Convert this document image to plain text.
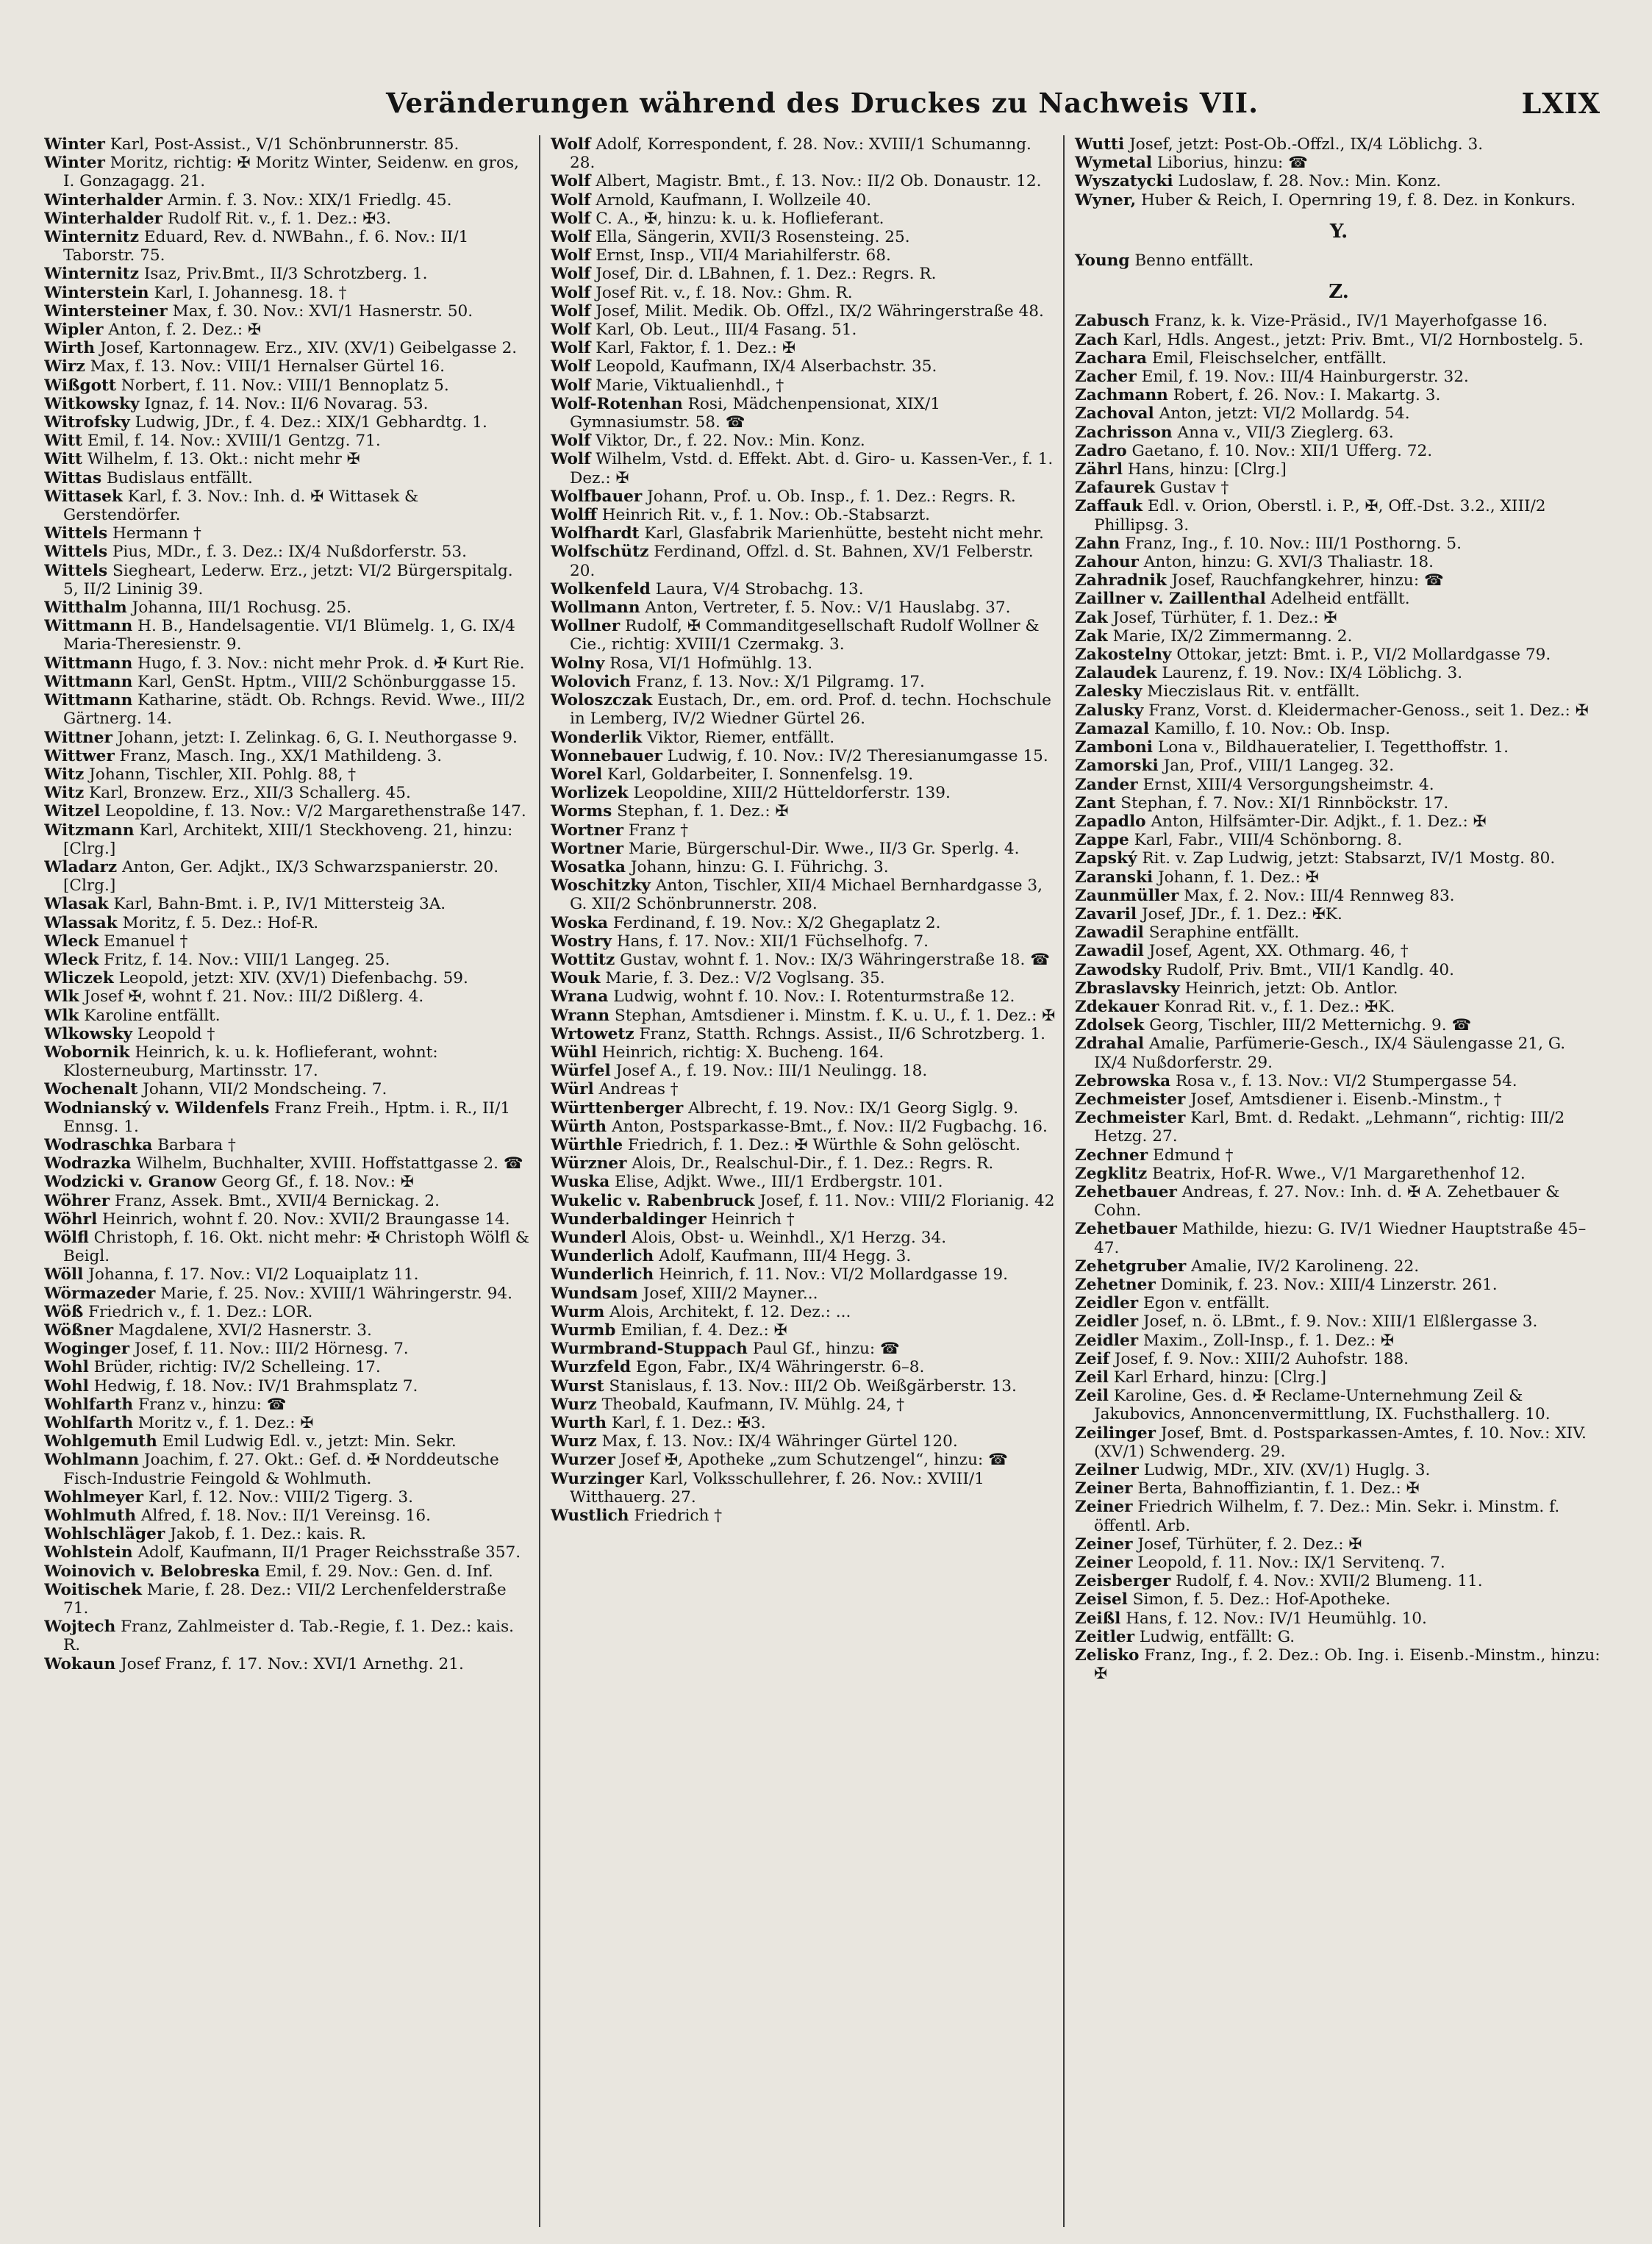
Veränderungen während des Druckes zu Nachweis VII.	LXIX

Winter Karl, Post-Assist., V/1 Schönbrunnerstr. 85.

Winter Moritz, richtig: ✠ Moritz Winter, Seidenw. en gros, I. Gonzagagg. 21.

Winterhalder Armin. f. 3. Nov.: XIX/1 Friedlg. 45.

Winterhalder Rudolf Rit. v., f. 1. Dez.: ✠3.

Winternitz Eduard, Rev. d. NWBahn., f. 6. Nov.: II/1 Taborstr. 75.

Winternitz Isaz, Priv.Bmt., II/3 Schrotzberg. 1.

Winterstein Karl, I. Johannesg. 18. †

Wintersteiner Max, f. 30. Nov.: XVI/1 Hasnerstr. 50.

Wipler Anton, f. 2. Dez.: ✠

Wirth Josef, Kartonnagew. Erz., XIV. (XV/1) Geibelgasse 2.

Wirz Max, f. 13. Nov.: VIII/1 Hernalser Gürtel 16.

Wißgott Norbert, f. 11. Nov.: VIII/1 Bennoplatz 5.

Witkowsky Ignaz, f. 14. Nov.: II/6 Novarag. 53.

Witrofsky Ludwig, JDr., f. 4. Dez.: XIX/1 Gebhardtg. 1.

Witt Emil, f. 14. Nov.: XVIII/1 Gentzg. 71.

Witt Wilhelm, f. 13. Okt.: nicht mehr ✠

Wittas Budislaus entfällt.

Wittasek Karl, f. 3. Nov.: Inh. d. ✠ Wittasek & Gerstendörfer.

Wittels Hermann †

Wittels Pius, MDr., f. 3. Dez.: IX/4 Nußdorferstr. 53.

Wittels Siegheart, Lederw. Erz., jetzt: VI/2 Bürgerspitalg. 5, II/2 Lininig 39.

Witthalm Johanna, III/1 Rochusg. 25.

Wittmann H. B., Handelsagentie. VI/1 Blümelg. 1, G. IX/4 Maria-Theresienstr. 9.

Wittmann Hugo, f. 3. Nov.: nicht mehr Prok. d. ✠ Kurt Rie.

Wittmann Karl, GenSt. Hptm., VIII/2 Schönburggasse 15.

Wittmann Katharine, städt. Ob. Rchngs. Revid. Wwe., III/2 Gärtnerg. 14.

Wittner Johann, jetzt: I. Zelinkag. 6, G. I. Neuthorgasse 9.

Wittwer Franz, Masch. Ing., XX/1 Mathildeng. 3.

Witz Johann, Tischler, XII. Pohlg. 88, †

Witz Karl, Bronzew. Erz., XII/3 Schallerg. 45.

Witzel Leopoldine, f. 13. Nov.: V/2 Margarethenstraße 147.

Witzmann Karl, Architekt, XIII/1 Steckhoveng. 21, hinzu: [Clrg.]

Wladarz Anton, Ger. Adjkt., IX/3 Schwarzspanierstr. 20. [Clrg.]

Wlasak Karl, Bahn-Bmt. i. P., IV/1 Mittersteig 3A.

Wlassak Moritz, f. 5. Dez.: Hof-R.

Wleck Emanuel †

Wleck Fritz, f. 14. Nov.: VIII/1 Langeg. 25.

Wliczek Leopold, jetzt: XIV. (XV/1) Diefenbachg. 59.

Wlk Josef ✠, wohnt f. 21. Nov.: III/2 Dißlerg. 4.

Wlk Karoline entfällt.

Wlkowsky Leopold †

Wobornik Heinrich, k. u. k. Hoflieferant, wohnt: Klosterneuburg, Martinsstr. 17.

Wochenalt Johann, VII/2 Mondscheing. 7.

Wodnianský v. Wildenfels Franz Freih., Hptm. i. R., II/1 Ennsg. 1.

Wodraschka Barbara †

Wodrazka Wilhelm, Buchhalter, XVIII. Hoffstattgasse 2. ☎

Wodzicki v. Granow Georg Gf., f. 18. Nov.: ✠

Wöhrer Franz, Assek. Bmt., XVII/4 Bernickag. 2.

Wöhrl Heinrich, wohnt f. 20. Nov.: XVII/2 Braungasse 14.

Wölfl Christoph, f. 16. Okt. nicht mehr: ✠ Christoph Wölfl & Beigl.

Wöll Johanna, f. 17. Nov.: VI/2 Loquaiplatz 11.

Wörmazeder Marie, f. 25. Nov.: XVIII/1 Währingerstr. 94.

Wöß Friedrich v., f. 1. Dez.: LOR.

Wößner Magdalene, XVI/2 Hasnerstr. 3.

Woginger Josef, f. 11. Nov.: III/2 Hörnesg. 7.

Wohl Brüder, richtig: IV/2 Schelleing. 17.

Wohl Hedwig, f. 18. Nov.: IV/1 Brahmsplatz 7.

Wohlfarth Franz v., hinzu: ☎

Wohlfarth Moritz v., f. 1. Dez.: ✠

Wohlgemuth Emil Ludwig Edl. v., jetzt: Min. Sekr.

Wohlmann Joachim, f. 27. Okt.: Gef. d. ✠ Norddeutsche Fisch-Industrie Feingold & Wohlmuth.

Wohlmeyer Karl, f. 12. Nov.: VIII/2 Tigerg. 3.

Wohlmuth Alfred, f. 18. Nov.: II/1 Vereinsg. 16.

Wohlschläger Jakob, f. 1. Dez.: kais. R.

Wohlstein Adolf, Kaufmann, II/1 Prager Reichsstraße 357.

Woinovich v. Belobreska Emil, f. 29. Nov.: Gen. d. Inf.

Woitischek Marie, f. 28. Dez.: VII/2 Lerchenfelderstraße 71.

Wojtech Franz, Zahlmeister d. Tab.-Regie, f. 1. Dez.: kais. R.

Wokaun Josef Franz, f. 17. Nov.: XVI/1 Arnethg. 21.

Wolf Adolf, Korrespondent, f. 28. Nov.: XVIII/1 Schumanng. 28.

Wolf Albert, Magistr. Bmt., f. 13. Nov.: II/2 Ob. Donaustr. 12.

Wolf Arnold, Kaufmann, I. Wollzeile 40.

Wolf C. A., ✠, hinzu: k. u. k. Hoflieferant.

Wolf Ella, Sängerin, XVII/3 Rosensteing. 25.

Wolf Ernst, Insp., VII/4 Mariahilferstr. 68.

Wolf Josef, Dir. d. LBahnen, f. 1. Dez.: Regrs. R.

Wolf Josef Rit. v., f. 18. Nov.: Ghm. R.

Wolf Josef, Milit. Medik. Ob. Offzl., IX/2 Währingerstraße 48.

Wolf Karl, Ob. Leut., III/4 Fasang. 51.

Wolf Karl, Faktor, f. 1. Dez.: ✠

Wolf Leopold, Kaufmann, IX/4 Alserbachstr. 35.

Wolf Marie, Viktualienhdl., †

Wolf-Rotenhan Rosi, Mädchenpensionat, XIX/1 Gymnasiumstr. 58. ☎

Wolf Viktor, Dr., f. 22. Nov.: Min. Konz.

Wolf Wilhelm, Vstd. d. Effekt. Abt. d. Giro- u. Kassen-Ver., f. 1. Dez.: ✠

Wolfbauer Johann, Prof. u. Ob. Insp., f. 1. Dez.: Regrs. R.

Wolff Heinrich Rit. v., f. 1. Nov.: Ob.-Stabsarzt.

Wolfhardt Karl, Glasfabrik Marienhütte, besteht nicht mehr.

Wolfschütz Ferdinand, Offzl. d. St. Bahnen, XV/1 Felberstr. 20.

Wolkenfeld Laura, V/4 Strobachg. 13.

Wollmann Anton, Vertreter, f. 5. Nov.: V/1 Hauslabg. 37.

Wollner Rudolf, ✠ Commanditgesellschaft Rudolf Wollner & Cie., richtig: XVIII/1 Czermakg. 3.

Wolny Rosa, VI/1 Hofmühlg. 13.

Wolovich Franz, f. 13. Nov.: X/1 Pilgramg. 17.

Woloszczak Eustach, Dr., em. ord. Prof. d. techn. Hochschule in Lemberg, IV/2 Wiedner Gürtel 26.

Wonderlik Viktor, Riemer, entfällt.

Wonnebauer Ludwig, f. 10. Nov.: IV/2 Theresianumgasse 15.

Worel Karl, Goldarbeiter, I. Sonnenfelsg. 19.

Worlizek Leopoldine, XIII/2 Hütteldorferstr. 139.

Worms Stephan, f. 1. Dez.: ✠

Wortner Franz †

Wortner Marie, Bürgerschul-Dir. Wwe., II/3 Gr. Sperlg. 4.

Wosatka Johann, hinzu: G. I. Führichg. 3.

Woschitzky Anton, Tischler, XII/4 Michael Bernhardgasse 3, G. XII/2 Schönbrunnerstr. 208.

Woska Ferdinand, f. 19. Nov.: X/2 Ghegaplatz 2.

Wostry Hans, f. 17. Nov.: XII/1 Füchselhofg. 7.

Wottitz Gustav, wohnt f. 1. Nov.: IX/3 Währingerstraße 18. ☎

Wouk Marie, f. 3. Dez.: V/2 Voglsang. 35.

Wrana Ludwig, wohnt f. 10. Nov.: I. Rotenturmstraße 12.

Wrann Stephan, Amtsdiener i. Minstm. f. K. u. U., f. 1. Dez.: ✠

Wrtowetz Franz, Statth. Rchngs. Assist., II/6 Schrotzberg. 1.

Wühl Heinrich, richtig: X. Bucheng. 164.

Würfel Josef A., f. 19. Nov.: III/1 Neulingg. 18.

Würl Andreas †

Württenberger Albrecht, f. 19. Nov.: IX/1 Georg Siglg. 9.

Würth Anton, Postsparkasse-Bmt., f. Nov.: II/2 Fugbachg. 16.

Würthle Friedrich, f. 1. Dez.: ✠ Würthle & Sohn gelöscht.

Würzner Alois, Dr., Realschul-Dir., f. 1. Dez.: Regrs. R.

Wuska Elise, Adjkt. Wwe., III/1 Erdbergstr. 101.

Wukelic v. Rabenbruck Josef, f. 11. Nov.: VIII/2 Florianig. 42

Wunderbaldinger Heinrich †

Wunderl Alois, Obst- u. Weinhdl., X/1 Herzg. 34.

Wunderlich Adolf, Kaufmann, III/4 Hegg. 3.

Wunderlich Heinrich, f. 11. Nov.: VI/2 Mollardgasse 19.

Wundsam Josef, XIII/2 Mayner...

Wurm Alois, Architekt, f. 12. Dez.: ...

Wurmb Emilian, f. 4. Dez.: ✠

Wurmbrand-Stuppach Paul Gf., hinzu: ☎

Wurzfeld Egon, Fabr., IX/4 Währingerstr. 6–8.

Wurst Stanislaus, f. 13. Nov.: III/2 Ob. Weißgärberstr. 13.

Wurz Theobald, Kaufmann, IV. Mühlg. 24, †

Wurth Karl, f. 1. Dez.: ✠3.

Wurz Max, f. 13. Nov.: IX/4 Währinger Gürtel 120.

Wurzer Josef ✠, Apotheke „zum Schutzengel“, hinzu: ☎

Wurzinger Karl, Volksschullehrer, f. 26. Nov.: XVIII/1 Witthauerg. 27.

Wustlich Friedrich †

Wutti Josef, jetzt: Post-Ob.-Offzl., IX/4 Löblichg. 3.

Wymetal Liborius, hinzu: ☎

Wyszatycki Ludoslaw, f. 28. Nov.: Min. Konz.

Wyner, Huber & Reich, I. Opernring 19, f. 8. Dez. in Konkurs.

Y.

Young Benno entfällt.

Z.

Zabusch Franz, k. k. Vize-Präsid., IV/1 Mayerhofgasse 16.

Zach Karl, Hdls. Angest., jetzt: Priv. Bmt., VI/2 Hornbostelg. 5.

Zachara Emil, Fleischselcher, entfällt.

Zacher Emil, f. 19. Nov.: III/4 Hainburgerstr. 32.

Zachmann Robert, f. 26. Nov.: I. Makartg. 3.

Zachoval Anton, jetzt: VI/2 Mollardg. 54.

Zachrisson Anna v., VII/3 Zieglerg. 63.

Zadro Gaetano, f. 10. Nov.: XII/1 Ufferg. 72.

Zährl Hans, hinzu: [Clrg.]

Zafaurek Gustav †

Zaffauk Edl. v. Orion, Oberstl. i. P., ✠, Off.-Dst. 3.2., XIII/2 Phillipsg. 3.

Zahn Franz, Ing., f. 10. Nov.: III/1 Posthorng. 5.

Zahour Anton, hinzu: G. XVI/3 Thaliastr. 18.

Zahradnik Josef, Rauchfangkehrer, hinzu: ☎

Zaillner v. Zaillenthal Adelheid entfällt.

Zak Josef, Türhüter, f. 1. Dez.: ✠

Zak Marie, IX/2 Zimmermanng. 2.

Zakostelny Ottokar, jetzt: Bmt. i. P., VI/2 Mollardgasse 79.

Zalaudek Laurenz, f. 19. Nov.: IX/4 Löblichg. 3.

Zalesky Mieczislaus Rit. v. entfällt.

Zalusky Franz, Vorst. d. Kleidermacher-Genoss., seit 1. Dez.: ✠

Zamazal Kamillo, f. 10. Nov.: Ob. Insp.

Zamboni Lona v., Bildhaueratelier, I. Tegetthoffstr. 1.

Zamorski Jan, Prof., VIII/1 Langeg. 32.

Zander Ernst, XIII/4 Versorgungsheimstr. 4.

Zant Stephan, f. 7. Nov.: XI/1 Rinnböckstr. 17.

Zapadlo Anton, Hilfsämter-Dir. Adjkt., f. 1. Dez.: ✠

Zappe Karl, Fabr., VIII/4 Schönborng. 8.

Zapský Rit. v. Zap Ludwig, jetzt: Stabsarzt, IV/1 Mostg. 80.

Zaranski Johann, f. 1. Dez.: ✠

Zaunmüller Max, f. 2. Nov.: III/4 Rennweg 83.

Zavaril Josef, JDr., f. 1. Dez.: ✠K.

Zawadil Seraphine entfällt.

Zawadil Josef, Agent, XX. Othmarg. 46, †

Zawodsky Rudolf, Priv. Bmt., VII/1 Kandlg. 40.

Zbraslavsky Heinrich, jetzt: Ob. Antlor.

Zdekauer Konrad Rit. v., f. 1. Dez.: ✠K.

Zdolsek Georg, Tischler, III/2 Metternichg. 9. ☎

Zdrahal Amalie, Parfümerie-Gesch., IX/4 Säulengasse 21, G. IX/4 Nußdorferstr. 29.

Zebrowska Rosa v., f. 13. Nov.: VI/2 Stumpergasse 54.

Zechmeister Josef, Amtsdiener i. Eisenb.-Minstm., †

Zechmeister Karl, Bmt. d. Redakt. „Lehmann“, richtig: III/2 Hetzg. 27.

Zechner Edmund †

Zegklitz Beatrix, Hof-R. Wwe., V/1 Margarethenhof 12.

Zehetbauer Andreas, f. 27. Nov.: Inh. d. ✠ A. Zehetbauer & Cohn.

Zehetbauer Mathilde, hiezu: G. IV/1 Wiedner Hauptstraße 45–47.

Zehetgruber Amalie, IV/2 Karolineng. 22.

Zehetner Dominik, f. 23. Nov.: XIII/4 Linzerstr. 261.

Zeidler Egon v. entfällt.

Zeidler Josef, n. ö. LBmt., f. 9. Nov.: XIII/1 Elßlergasse 3.

Zeidler Maxim., Zoll-Insp., f. 1. Dez.: ✠

Zeif Josef, f. 9. Nov.: XIII/2 Auhofstr. 188.

Zeil Karl Erhard, hinzu: [Clrg.]

Zeil Karoline, Ges. d. ✠ Reclame-Unternehmung Zeil & Jakubovics, Annoncenvermittlung, IX. Fuchsthallerg. 10.

Zeilinger Josef, Bmt. d. Postsparkassen-Amtes, f. 10. Nov.: XIV. (XV/1) Schwenderg. 29.

Zeilner Ludwig, MDr., XIV. (XV/1) Huglg. 3.

Zeiner Berta, Bahnoffiziantin, f. 1. Dez.: ✠

Zeiner Friedrich Wilhelm, f. 7. Dez.: Min. Sekr. i. Minstm. f. öffentl. Arb.

Zeiner Josef, Türhüter, f. 2. Dez.: ✠

Zeiner Leopold, f. 11. Nov.: IX/1 Servitenq. 7.

Zeisberger Rudolf, f. 4. Nov.: XVII/2 Blumeng. 11.

Zeisel Simon, f. 5. Dez.: Hof-Apotheke.

Zeißl Hans, f. 12. Nov.: IV/1 Heumühlg. 10.

Zeitler Ludwig, entfällt: G.

Zelisko Franz, Ing., f. 2. Dez.: Ob. Ing. i. Eisenb.-Minstm., hinzu: ✠
